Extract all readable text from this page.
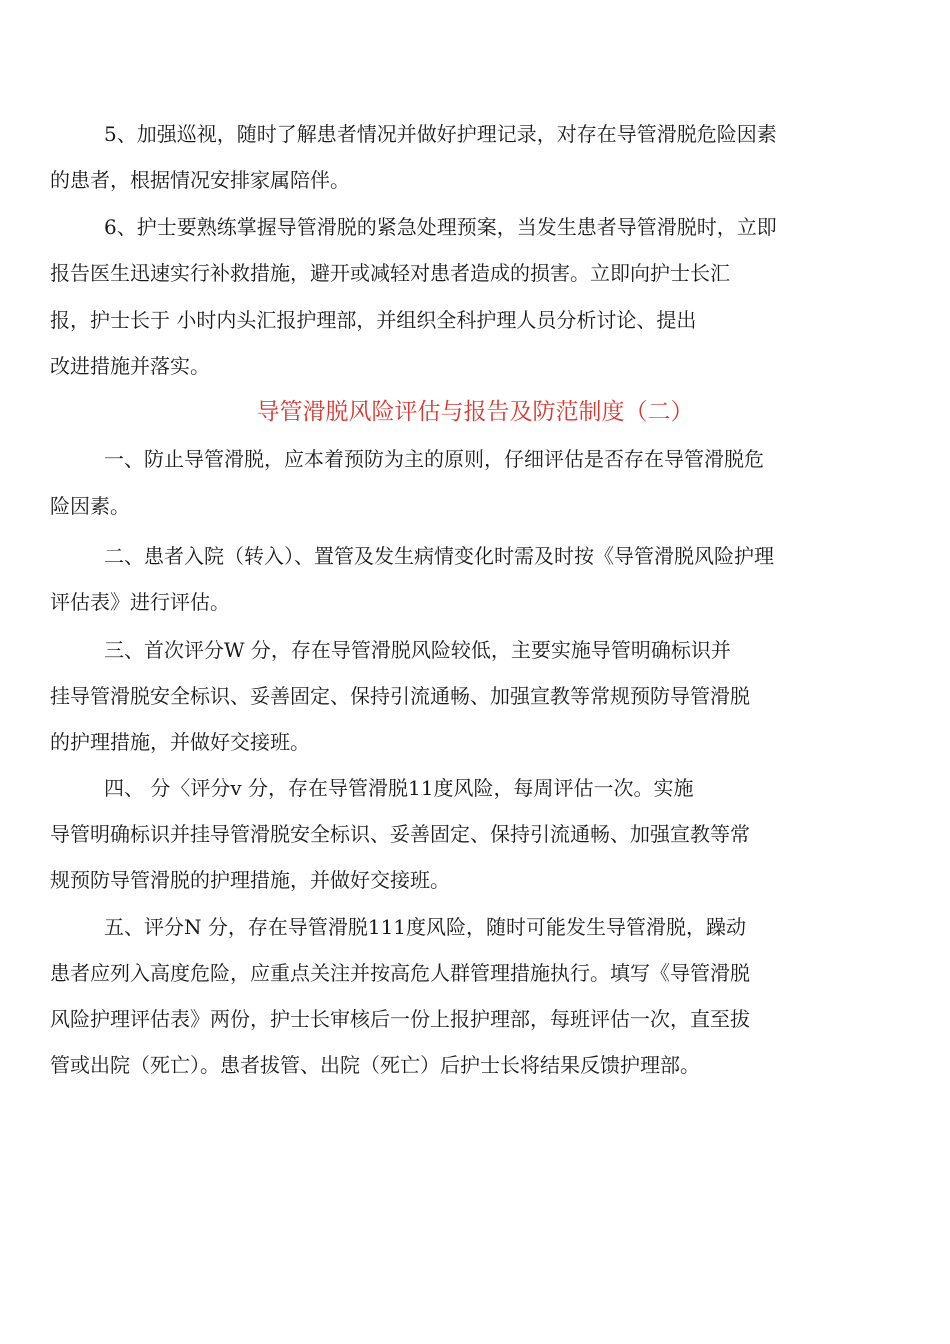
5、加强巡视，随时了解患者情况并做好护理记录，对存在导管滑脱危险因素
的患者，根据情况安排家属陪伴。
6、护士要熟练掌握导管滑脱的紧急处理预案，当发生患者导管滑脱时，立即
报告医生迅速实行补救措施，避开或减轻对患者造成的损害。立即向护士长汇
报，护士长于 小时内头汇报护理部，并组织全科护理人员分析讨论、提出
改进措施并落实。
导管滑脱风险评估与报告及防范制度（二）
一、防止导管滑脱，应本着预防为主的原则，仔细评估是否存在导管滑脱危
险因素。
二、患者入院（转入）、置管及发生病情变化时需及时按《导管滑脱风险护理
评估表》进行评估。
三、首次评分W 分，存在导管滑脱风险较低，主要实施导管明确标识并
挂导管滑脱安全标识、妥善固定、保持引流通畅、加强宣教等常规预防导管滑脱
的护理措施，并做好交接班。
四、 分〈评分v 分，存在导管滑脱11度风险，每周评估一次。实施
导管明确标识并挂导管滑脱安全标识、妥善固定、保持引流通畅、加强宣教等常
规预防导管滑脱的护理措施，并做好交接班。
五、评分N 分，存在导管滑脱111度风险，随时可能发生导管滑脱，躁动
患者应列入高度危险，应重点关注并按高危人群管理措施执行。填写《导管滑脱
风险护理评估表》两份，护士长审核后一份上报护理部，每班评估一次，直至拔
管或出院（死亡）。患者拔管、出院（死亡）后护士长将结果反馈护理部。
